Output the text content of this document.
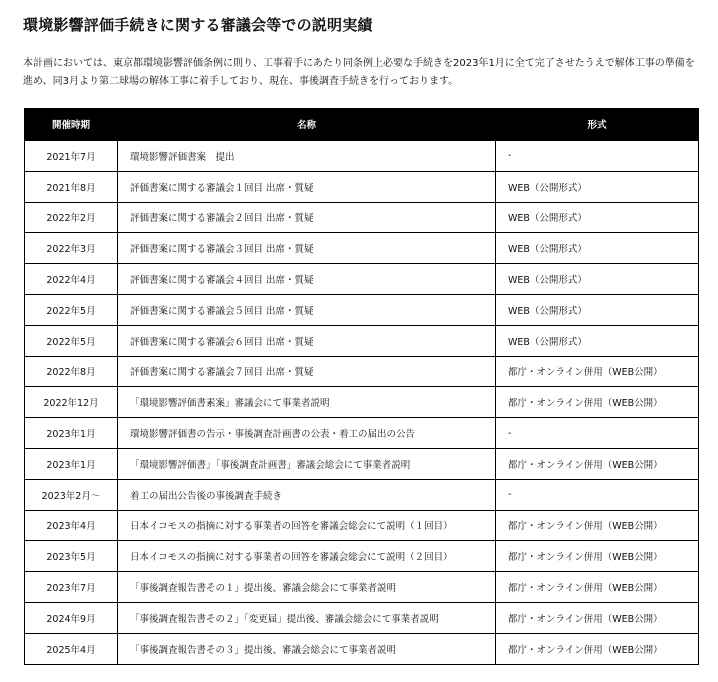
環境影響評価手続きに関する審議会等での説明実績

本計画においては、東京都環境影響評価条例に則り、工事着手にあたり同条例上必要な手続きを2023年1月に全て完了させたうえで解体工事の準備を進め、同3月より第二球場の解体工事に着手しており、現在、事後調査手続きを行っております。

開催時期	名称	形式
2021年7月	環境影響評価書案　提出	-
2021年8月	評価書案に関する審議会１回目 出席・質疑	WEB（公開形式）
2022年2月	評価書案に関する審議会２回目 出席・質疑	WEB（公開形式）
2022年3月	評価書案に関する審議会３回目 出席・質疑	WEB（公開形式）
2022年4月	評価書案に関する審議会４回目 出席・質疑	WEB（公開形式）
2022年5月	評価書案に関する審議会５回目 出席・質疑	WEB（公開形式）
2022年5月	評価書案に関する審議会６回目 出席・質疑	WEB（公開形式）
2022年8月	評価書案に関する審議会７回目 出席・質疑	都庁・オンライン併用（WEB公開）
2022年12月	「環境影響評価書素案」審議会にて事業者説明	都庁・オンライン併用（WEB公開）
2023年1月	環境影響評価書の告示・事後調査計画書の公表・着工の届出の公告	-
2023年1月	「環境影響評価書」「事後調査計画書」審議会総会にて事業者説明	都庁・オンライン併用（WEB公開）
2023年2月〜	着工の届出公告後の事後調査手続き	-
2023年4月	日本イコモスの指摘に対する事業者の回答を審議会総会にて説明（１回目）	都庁・オンライン併用（WEB公開）
2023年5月	日本イコモスの指摘に対する事業者の回答を審議会総会にて説明（２回目）	都庁・オンライン併用（WEB公開）
2023年7月	「事後調査報告書その１」提出後、審議会総会にて事業者説明	都庁・オンライン併用（WEB公開）
2024年9月	「事後調査報告書その２」「変更届」提出後、審議会総会にて事業者説明	都庁・オンライン併用（WEB公開）
2025年4月	「事後調査報告書その３」提出後、審議会総会にて事業者説明	都庁・オンライン併用（WEB公開）
